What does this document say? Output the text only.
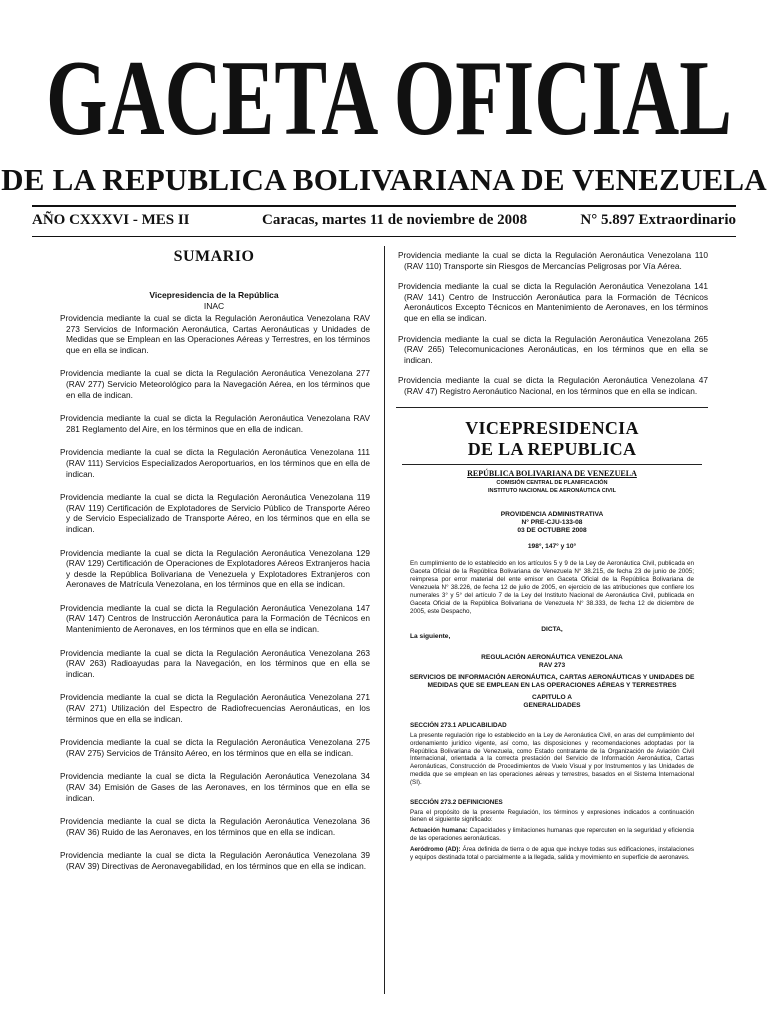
GACETA OFICIAL
DE LA REPUBLICA BOLIVARIANA DE VENEZUELA
AÑO CXXXVI - MES II	Caracas, martes 11 de noviembre de 2008	N° 5.897 Extraordinario
SUMARIO
Vicepresidencia de la República
INAC
Providencia mediante la cual se dicta la Regulación Aeronáutica Venezolana RAV 273 Servicios de Información Aeronáutica, Cartas Aeronáuticas y Unidades de Medidas que se Emplean en las Operaciones Aéreas y Terrestres, en los términos que en ella se indican.
Providencia mediante la cual se dicta la Regulación Aeronáutica Venezolana 277 (RAV 277) Servicio Meteorológico para la Navegación Aérea, en los términos que en ella de indican.
Providencia mediante la cual se dicta la Regulación Aeronáutica Venezolana RAV 281 Reglamento del Aire, en los términos que en ella de indican.
Providencia mediante la cual se dicta la Regulación Aeronáutica Venezolana 111 (RAV 111) Servicios Especializados Aeroportuarios, en los términos que en ella de indican.
Providencia mediante la cual se dicta la Regulación Aeronáutica Venezolana 119 (RAV 119) Certificación de Explotadores de Servicio Público de Transporte Aéreo y de Servicio Especializado de Transporte Aéreo, en los términos que en ella se indican.
Providencia mediante la cual se dicta la Regulación Aeronáutica Venezolana 129 (RAV 129) Certificación de Operaciones de Explotadores Aéreos Extranjeros hacia y desde la República Bolivariana de Venezuela y Explotadores Extranjeros con Aeronaves de Matrícula Venezolana, en los términos que en ella se indican.
Providencia mediante la cual se dicta la Regulación Aeronáutica Venezolana 147 (RAV 147) Centros de Instrucción Aeronáutica para la Formación de Técnicos en Mantenimiento de Aeronaves, en los términos que en ella se indican.
Providencia mediante la cual se dicta la Regulación Aeronáutica Venezolana 263 (RAV 263) Radioayudas para la Navegación, en los términos que en ella se indican.
Providencia mediante la cual se dicta la Regulación Aeronáutica Venezolana 271 (RAV 271) Utilización del Espectro de Radiofrecuencias Aeronáuticas, en los términos que en ella se indican.
Providencia mediante la cual se dicta la Regulación Aeronáutica Venezolana 275 (RAV 275) Servicios de Tránsito Aéreo, en los términos que en ella se indican.
Providencia mediante la cual se dicta la Regulación Aeronáutica Venezolana 34 (RAV 34) Emisión de Gases de las Aeronaves, en los términos que en ella se indican.
Providencia mediante la cual se dicta la Regulación Aeronáutica Venezolana 36 (RAV 36) Ruido de las Aeronaves, en los términos que en ella se indican.
Providencia mediante la cual se dicta la Regulación Aeronáutica Venezolana 39 (RAV 39) Directivas de Aeronavegabilidad, en los términos que en ella se indican.
Providencia mediante la cual se dicta la Regulación Aeronáutica Venezolana 110 (RAV 110) Transporte sin Riesgos de Mercancías Peligrosas por Vía Aérea.
Providencia mediante la cual se dicta la Regulación Aeronáutica Venezolana 141 (RAV 141) Centro de Instrucción Aeronáutica para la Formación de Técnicos Aeronáuticos Excepto Técnicos en Mantenimiento de Aeronaves, en los términos que en ella se indican.
Providencia mediante la cual se dicta la Regulación Aeronáutica Venezolana 265 (RAV 265) Telecomunicaciones Aeronáuticas, en los términos que en ella se indican.
Providencia mediante la cual se dicta la Regulación Aeronáutica Venezolana 47 (RAV 47) Registro Aeronáutico Nacional, en los términos que en ella se indican.
VICEPRESIDENCIA
DE LA REPUBLICA
REPÚBLICA BOLIVARIANA DE VENEZUELA
COMISIÓN CENTRAL DE PLANIFICACIÓN
INSTITUTO NACIONAL DE AERONÁUTICA CIVIL
PROVIDENCIA ADMINISTRATIVA
N° PRE-CJU-133-08
03 DE OCTUBRE 2008
198°, 147° y 10°
En cumplimiento de lo establecido en los artículos 5 y 9 de la Ley de Aeronáutica Civil, publicada en Gaceta Oficial de la República Bolivariana de Venezuela N° 38.215, de fecha 23 de junio de 2005; reimpresa por error material del ente emisor en Gaceta Oficial de la República Bolivariana de Venezuela N° 38.226, de fecha 12 de julio de 2005, en ejercicio de las atribuciones que confiere los numerales 3° y 5° del artículo 7 de la Ley del Instituto Nacional de Aeronáutica Civil, publicada en Gaceta Oficial de la República Bolivariana de Venezuela N° 38.333, de fecha 12 de diciembre de 2005, este Despacho,
DICTA,
La siguiente,
REGULACIÓN AERONÁUTICA VENEZOLANA
RAV 273
SERVICIOS DE INFORMACIÓN AERONÁUTICA, CARTAS AERONÁUTICAS Y UNIDADES DE MEDIDAS QUE SE EMPLEAN EN LAS OPERACIONES AÉREAS Y TERRESTRES
CAPITULO A
GENERALIDADES
SECCIÓN 273.1 APLICABILIDAD
La presente regulación rige lo establecido en la Ley de Aeronáutica Civil, en aras del cumplimiento del ordenamiento jurídico vigente, así como, las disposiciones y recomendaciones adoptadas por la República Bolivariana de Venezuela, como Estado contratante de la Organización de Aviación Civil Internacional, orientada a la correcta prestación del Servicio de Información Aeronáutica, Cartas Aeronáuticas, Construcción de Procedimientos de Vuelo Visual y por Instrumentos y las Unidades de medida que se emplean en las operaciones aéreas y terrestres, basados en el Sistema Internacional (SI).
SECCIÓN 273.2 DEFINICIONES
Para el propósito de la presente Regulación, los términos y expresiones indicados a continuación tienen el siguiente significado:
Actuación humana: Capacidades y limitaciones humanas que repercuten en la seguridad y eficiencia de las operaciones aeronáuticas.
Aeródromo (AD): Área definida de tierra o de agua que incluye todas sus edificaciones, instalaciones y equipos destinada total o parcialmente a la llegada, salida y movimiento en superficie de aeronaves.
